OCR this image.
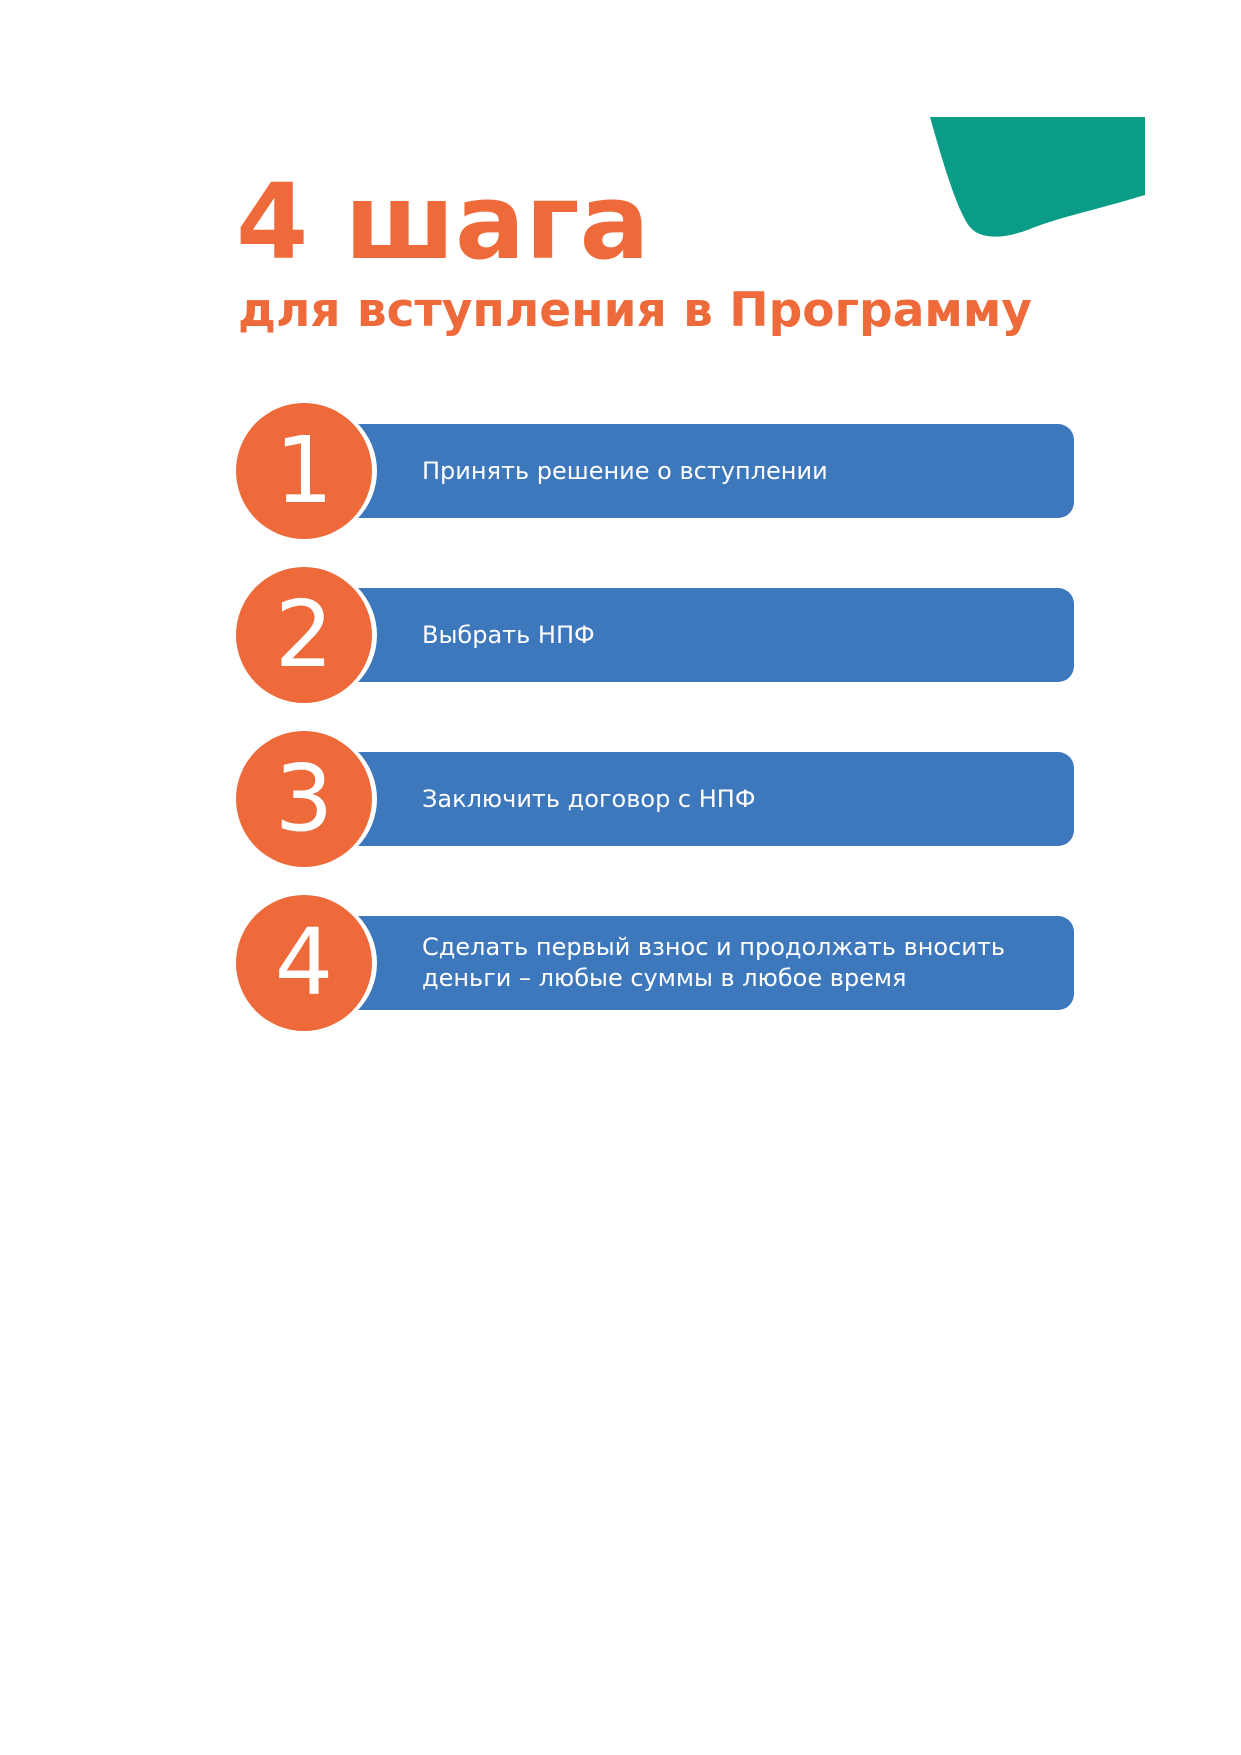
4 шага
для вступления в Программу
Принять решение о вступлении
1
Выбрать НПФ
2
Заключить договор с НПФ
3
Сделать первый взнос и продолжать вносить деньги – любые суммы в любое время
4
